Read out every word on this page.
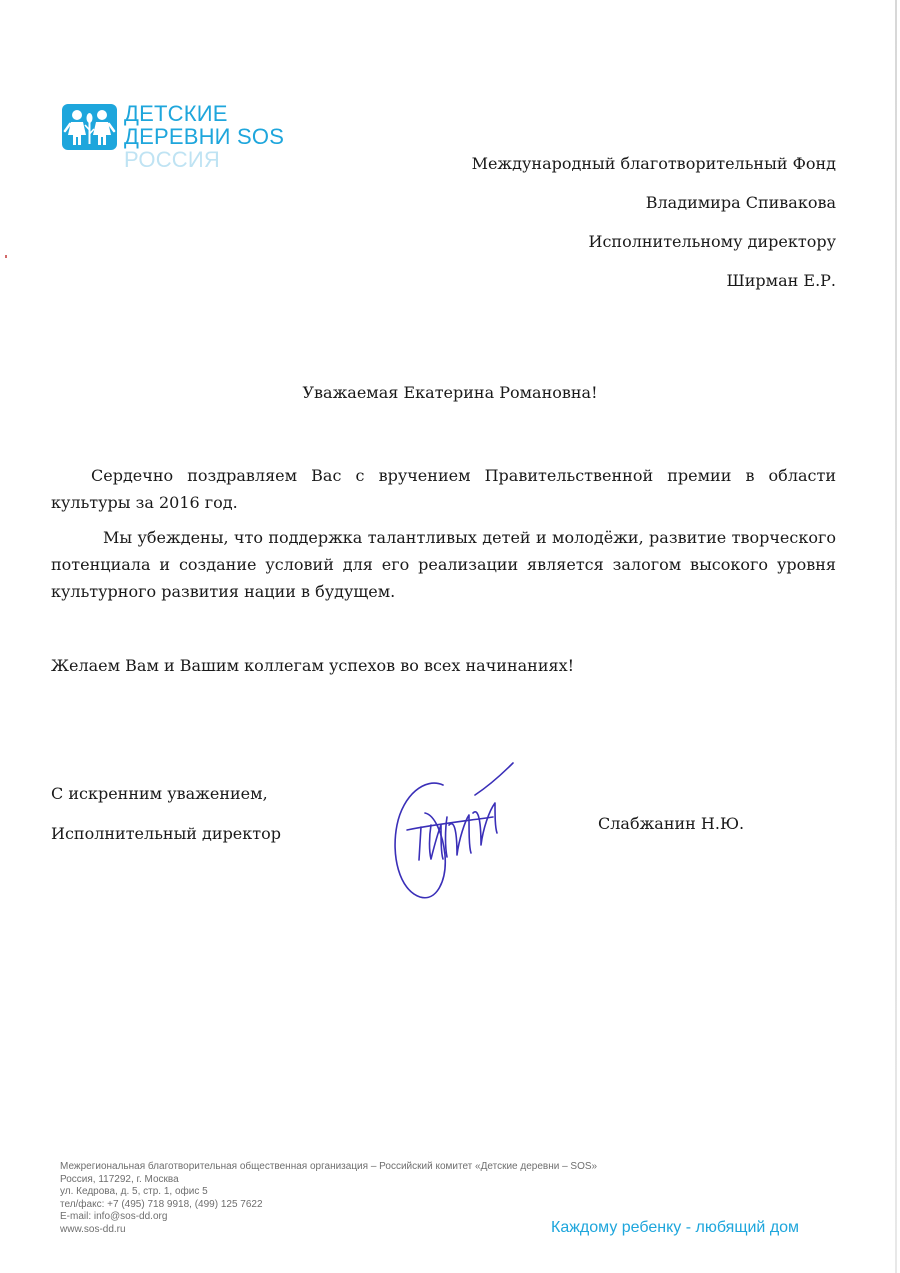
ДЕТСКИЕ
ДЕРЕВНИ SOS
РОССИЯ	Международный благотворительный Фонд
Владимира Спивакова
Исполнительному директору
Ширман Е.Р.
Уважаемая Екатерина Романовна!
Сердечно поздравляем Вас с вручением Правительственной премии в области культуры за 2016 год.
Мы убеждены, что поддержка талантливых детей и молодёжи, развитие творческого потенциала и создание условий для его реализации является залогом высокого уровня культурного развития нации в будущем.
Желаем Вам и Вашим коллегам успехов во всех начинаниях!
С искренним уважением,
Исполнительный директор
Слабжанин Н.Ю.
Межрегиональная благотворительная общественная организация – Российский комитет «Детские деревни – SOS»
Россия, 117292, г. Москва
ул. Кедрова, д. 5, стр. 1, офис 5
тел/факс: +7 (495) 718 9918, (499) 125 7622
E-mail: info@sos-dd.org
www.sos-dd.ru	Каждому ребенку - любящий дом
